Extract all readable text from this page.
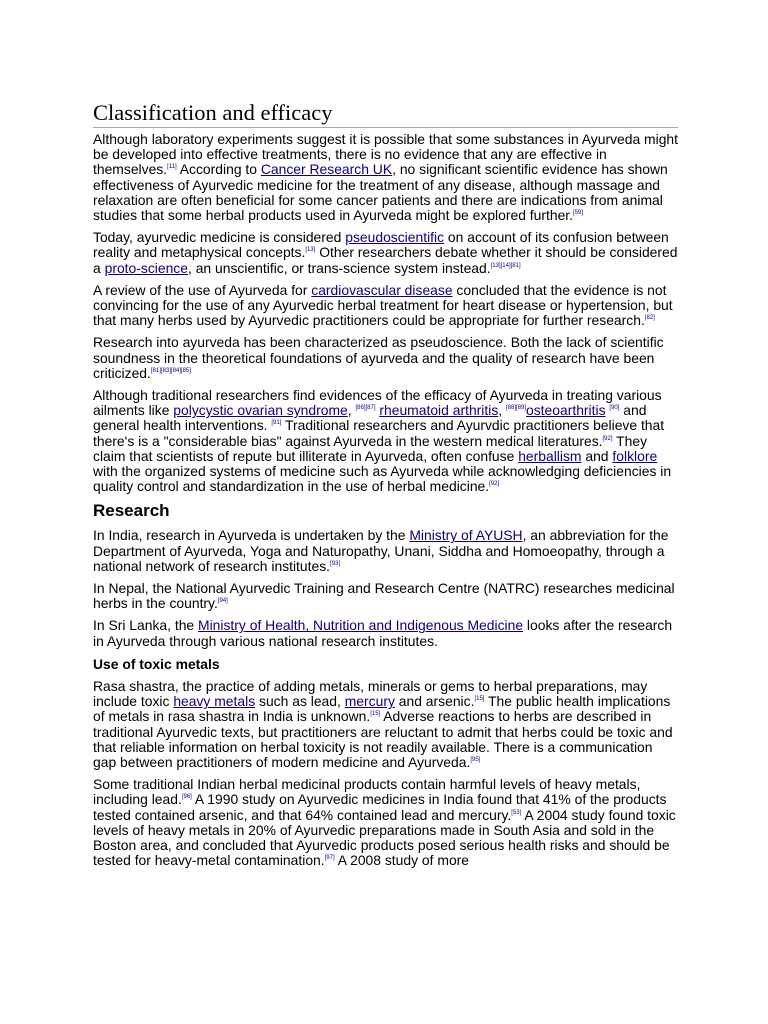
Classification and efficacy

Although laboratory experiments suggest it is possible that some substances in Ayurveda might be developed into effective treatments, there is no evidence that any are effective in themselves.[11] According to Cancer Research UK, no significant scientific evidence has shown effectiveness of Ayurvedic medicine for the treatment of any disease, although massage and relaxation are often beneficial for some cancer patients and there are indications from animal studies that some herbal products used in Ayurveda might be explored further.[59]

Today, ayurvedic medicine is considered pseudoscientific on account of its confusion between reality and metaphysical concepts.[13] Other researchers debate whether it should be considered a proto-science, an unscientific, or trans-science system instead.[13][14][81]

A review of the use of Ayurveda for cardiovascular disease concluded that the evidence is not convincing for the use of any Ayurvedic herbal treatment for heart disease or hypertension, but that many herbs used by Ayurvedic practitioners could be appropriate for further research.[82]

Research into ayurveda has been characterized as pseudoscience. Both the lack of scientific soundness in the theoretical foundations of ayurveda and the quality of research have been criticized.[81][83][84][85]

Although traditional researchers find evidences of the efficacy of Ayurveda in treating various ailments like polycystic ovarian syndrome, [86][87] rheumatoid arthritis, [88][89]osteoarthritis [90] and general health interventions. [91] Traditional researchers and Ayurvdic practitioners believe that there's is a "considerable bias" against Ayurveda in the western medical literatures.[92] They claim that scientists of repute but illiterate in Ayurveda, often confuse herballism and folklore with the organized systems of medicine such as Ayurveda while acknowledging deficiencies in quality control and standardization in the use of herbal medicine.[92]

Research

In India, research in Ayurveda is undertaken by the Ministry of AYUSH, an abbreviation for the Department of Ayurveda, Yoga and Naturopathy, Unani, Siddha and Homoeopathy, through a national network of research institutes.[93]

In Nepal, the National Ayurvedic Training and Research Centre (NATRC) researches medicinal herbs in the country.[94]

In Sri Lanka, the Ministry of Health, Nutrition and Indigenous Medicine looks after the research in Ayurveda through various national research institutes.

Use of toxic metals

Rasa shastra, the practice of adding metals, minerals or gems to herbal preparations, may include toxic heavy metals such as lead, mercury and arsenic.[15] The public health implications of metals in rasa shastra in India is unknown.[15] Adverse reactions to herbs are described in traditional Ayurvedic texts, but practitioners are reluctant to admit that herbs could be toxic and that reliable information on herbal toxicity is not readily available. There is a communication gap between practitioners of modern medicine and Ayurveda.[95]

Some traditional Indian herbal medicinal products contain harmful levels of heavy metals, including lead.[96] A 1990 study on Ayurvedic medicines in India found that 41% of the products tested contained arsenic, and that 64% contained lead and mercury.[53] A 2004 study found toxic levels of heavy metals in 20% of Ayurvedic preparations made in South Asia and sold in the Boston area, and concluded that Ayurvedic products posed serious health risks and should be tested for heavy-metal contamination.[97] A 2008 study of more
